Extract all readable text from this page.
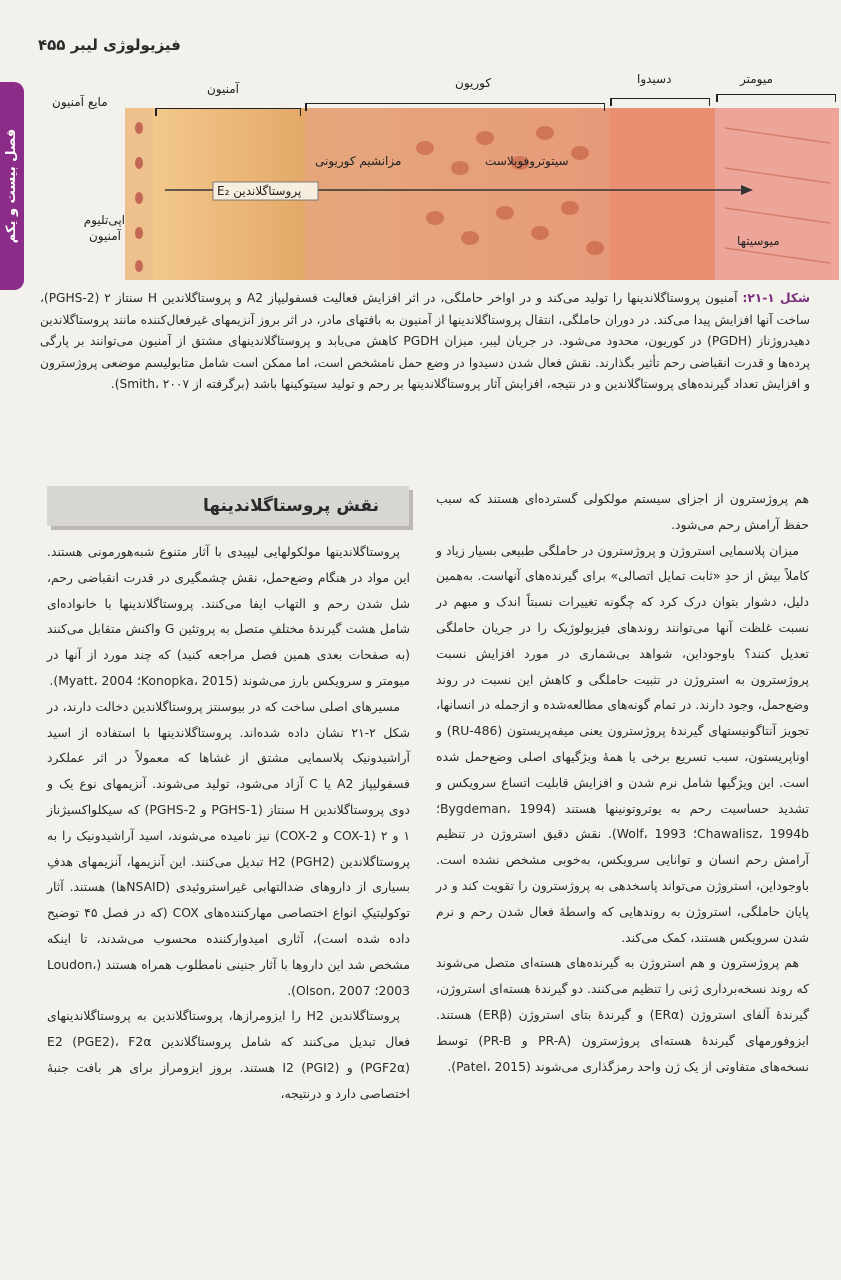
فیزیولوژی لیبر ۴۵۵
فصل بیست و یکم	پروستاگلاندین E₂
مزانشیم کوریونی	سیتوتروفوبلاست
میوسیتها
آمنیون	کوریون	دسیدوا	میومتر
مایع آمنیون
اپی‌تلیوم آمنیون
شکل ۱-۲۱: آمنیون پروستاگلاندینها را تولید می‌کند و در اواخر حاملگی، در اثر افزایش فعالیت فسفولیپاز A2 و پروستاگلاندین H سنتاز ۲ (PGHS-2)، ساخت آنها افزایش پیدا می‌کند. در دوران حاملگی، انتقال پروستاگلاندینها از آمنیون به بافتهای مادر، در اثر بروز آنزیمهای غیرفعال‌کننده مانند پروستاگلاندین دهیدروژناز (PGDH) در کوریون، محدود می‌شود. در جریان لیبر، میزان PGDH کاهش می‌یابد و پروستاگلاندینهای مشتق از آمنیون می‌توانند بر پارگی پرده‌ها و قدرت انقباضی رحم تأثیر بگذارند. نقش فعال شدن دسیدوا در وضع حمل نامشخص است، اما ممکن است شامل متابولیسم موضعی پروژسترون و افزایش تعداد گیرنده‌های پروستاگلاندین و در نتیجه، افزایش آثار پروستاگلاندینها بر رحم و تولید سیتوکینها باشد (برگرفته از Smith، ۲۰۰۷).
نقش پروستاگلاندینها	هم پروژسترون از اجزای سیستم مولکولی گسترده‌ای هستند که سبب حفظ آرامش رحم می‌شود.

میزان پلاسمایی استروژن و پروژسترون در حاملگی طبیعی بسیار زیاد و کاملاً بیش از حدِ «ثابت تمایل اتصالی» برای گیرنده‌های آنهاست. به‌همین دلیل، دشوار بتوان درک کرد که چگونه تغییرات نسبتاً اندک و مبهم در نسبت غلظت آنها می‌توانند روندهای فیزیولوژیک را در جریان حاملگی تعدیل کنند؟ باوجوداین، شواهد بی‌شماری در مورد افزایش نسبت پروژسترون به استروژن در تثبیت حاملگی و کاهش این نسبت در روند وضع‌حمل، وجود دارند. در تمام گونه‌های مطالعه‌شده و ازجمله در انسانها، تجویز آنتاگونیستهای گیرندهٔ پروژسترون یعنی میفه‌پریستون (RU-486) و اوناپریستون، سبب تسریع برخی یا همهٔ ویژگیهای اصلی وضع‌حمل شده است. این ویژگیها شامل نرم شدن و افزایش قابلیت اتساع سرویکس و تشدید حساسیت رحم به یوتروتونینها هستند (Bygdeman، 1994؛ Chawalisz، 1994b؛ Wolf، 1993). نقش دقیق استروژن در تنظیم آرامش رحم انسان و توانایی سرویکس، به‌خوبی مشخص نشده است. باوجوداین، استروژن می‌تواند پاسخدهی به پروژسترون را تقویت کند و در پایان حاملگی، استروژن به روندهایی که واسطهٔ فعال شدن رحم و نرم شدن سرویکس هستند، کمک می‌کند.

هم پروژسترون و هم استروژن به گیرنده‌های هسته‌ای متصل می‌شوند که روند نسخه‌برداری ژنی را تنظیم می‌کنند. دو گیرندهٔ هسته‌ای استروژن، گیرندهٔ آلفای استروژن (ERα) و گیرندهٔ بتای استروژن (ERβ) هستند. ایزوفورمهای گیرندهٔ هسته‌ای پروژسترون (PR-A و PR-B) توسط نسخه‌های متفاوتی از یک ژن واحد رمزگذاری می‌شوند (Patel، 2015).

پروستاگلاندینها مولکولهایی لیپیدی با آثار متنوع شبه‌هورمونی هستند. این مواد در هنگام وضع‌حمل، نقش چشمگیری در قدرت انقباضی رحم، شل شدن رحم و التهاب ایفا می‌کنند. پروستاگلاندینها با خانواده‌ای شامل هشت گیرندهٔ مختلفِ متصل به پروتئین G واکنش متقابل می‌کنند (به صفحات بعدی همین فصل مراجعه کنید) که چند مورد از آنها در میومتر و سرویکس بارز می‌شوند (Konopka، 2015؛ Myatt، 2004).

مسیرهای اصلی ساخت که در بیوسنتز پروستاگلاندین دخالت دارند، در شکل ۲-۲۱ نشان داده شده‌اند. پروستاگلاندینها با استفاده از اسید آراشیدونیک پلاسمایی مشتق از غشاها که معمولاً در اثر عملکرد فسفولیپاز A2 یا C آزاد می‌شود، تولید می‌شوند. آنزیمهای نوع یک و دوی پروستاگلاندین H سنتاز (PGHS-1 و PGHS-2) که سیکلواکسیژناز ۱ و ۲ (COX-1 و COX-2) نیز نامیده می‌شوند، اسید آراشیدونیک را به پروستاگلاندین H2 (PGH2) تبدیل می‌کنند. این آنزیمها، آنزیمهای هدفِ بسیاری از داروهای ضدالتهابی غیراستروئیدی (NSAIDها) هستند. آثار توکولیتیکِ انواع اختصاصی مهارکننده‌های COX (که در فصل ۴۵ توضیح داده شده است)، آثاری امیدوارکننده محسوب می‌شدند، تا اینکه مشخص شد این داروها با آثار جنینی نامطلوب همراه هستند (Loudon، 2003؛ Olson، 2007).

پروستاگلاندین H2 را ایزومرازها، پروستاگلاندین به پروستاگلاندینهای فعال تبدیل می‌کنند که شامل پروستاگلاندین E2 (PGE2)، F2α (PGF2α) و I2 (PGI2) هستند. بروز ایزومراز برای هر بافت جنبهٔ اختصاصی دارد و درنتیجه،
